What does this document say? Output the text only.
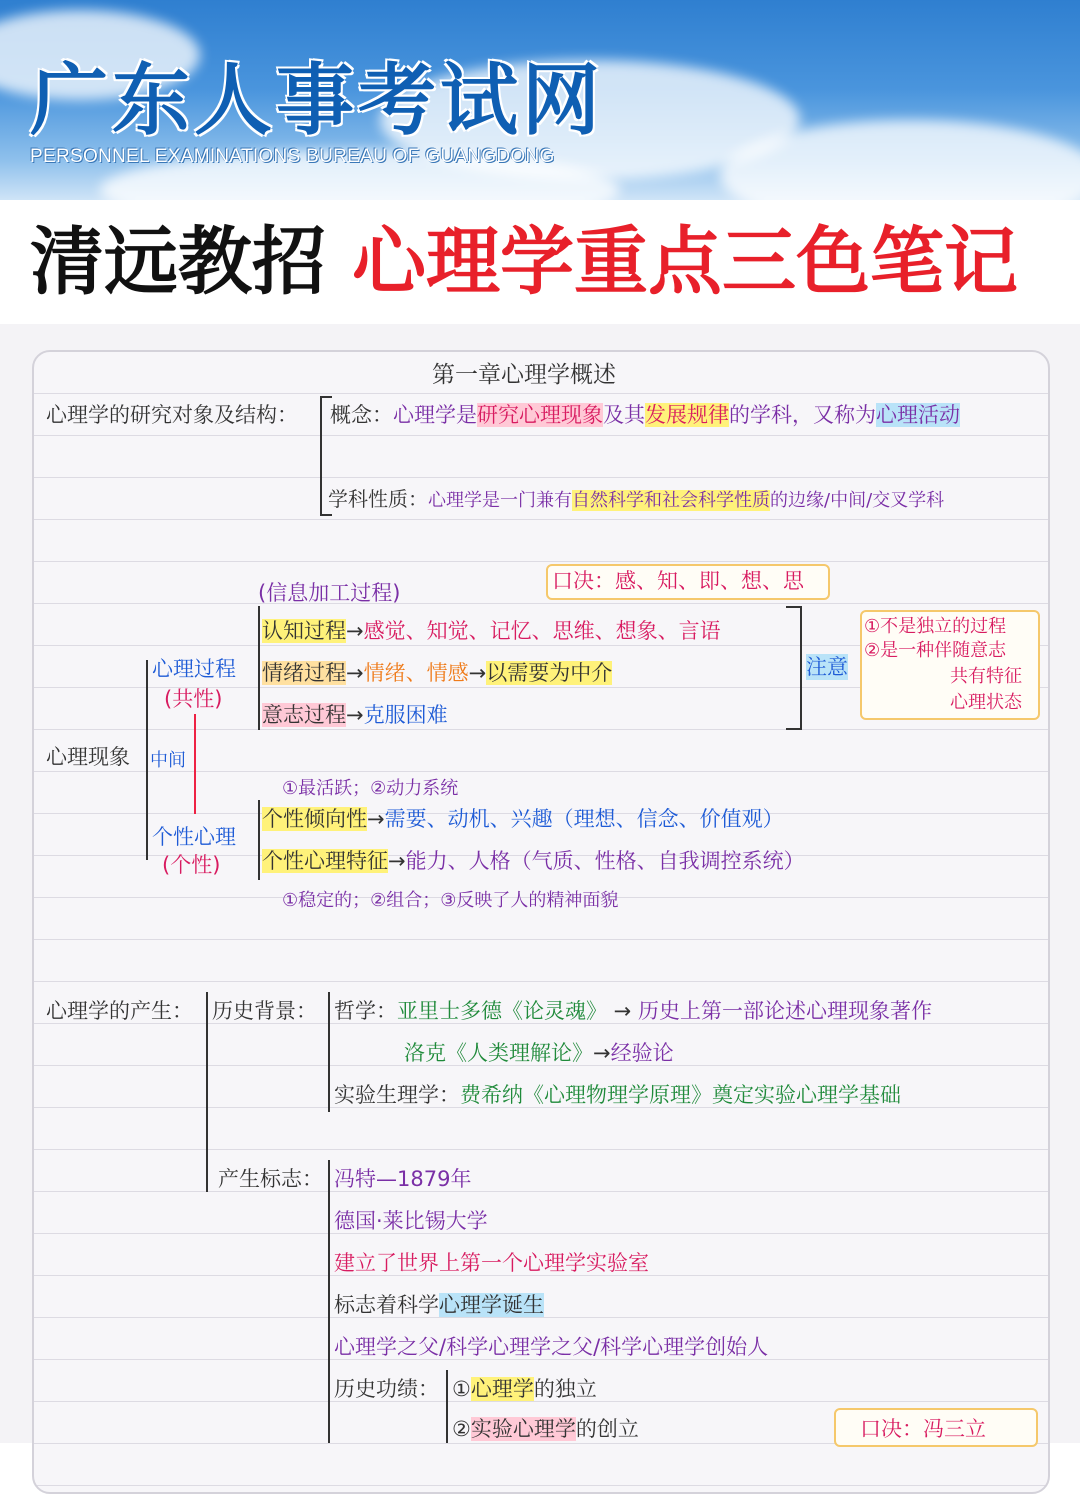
广东人事考试网
PERSONNEL EXAMINATIONS BUREAU OF GUANGDONG
清远教招 心理学重点三色笔记
第一章心理学概述
心理学的研究对象及结构： 概念：心理学是研究心理现象及其发展规律的学科，又称为心理活动
学科性质：心理学是一门兼有自然科学和社会科学性质的边缘/中间/交叉学科
(信息加工过程)	口决：感、知、即、想、思
认知过程→感觉、知觉、记忆、思维、想象、言语
情绪过程→情绪、情感→以需要为中介
意志过程→克服困难
注意
①不是独立的过程
②是一种伴随意志
共有特征
心理状态
心理过程
(共性)
心理现象 中间
①最活跃；②动力系统
个性心理
(个性)
个性倾向性→需要、动机、兴趣（理想、信念、价值观）
个性心理特征→能力、人格（气质、性格、自我调控系统）
①稳定的；②组合；③反映了人的精神面貌
心理学的产生： 历史背景： 哲学：亚里士多德《论灵魂》 → 历史上第一部论述心理现象著作
洛克《人类理解论》→经验论
实验生理学：费希纳《心理物理学原理》奠定实验心理学基础
产生标志： 冯特—1879年
德国·莱比锡大学
建立了世界上第一个心理学实验室
标志着科学心理学诞生
心理学之父/科学心理学之父/科学心理学创始人
历史功绩： ①心理学的独立
②实验心理学的创立	口决：冯三立
